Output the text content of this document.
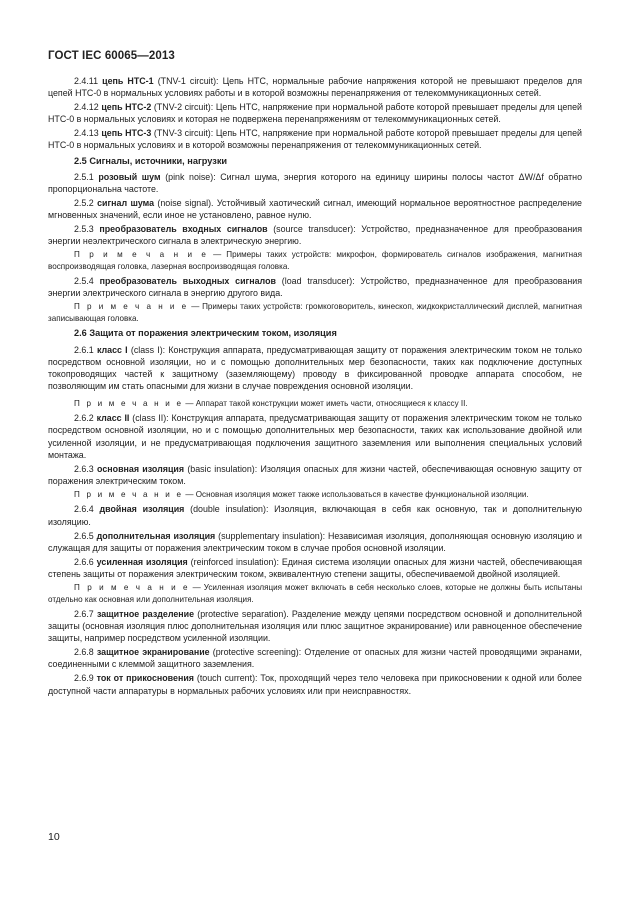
ГОСТ IEC 60065—2013
2.4.11 цепь НТС-1 (TNV-1 circuit): Цепь НТС, нормальные рабочие напряжения которой не превышают пределов для цепей НТС-0 в нормальных условиях работы и в которой возможны перенапряжения от телекоммуникационных сетей.
2.4.12 цепь НТС-2 (TNV-2 circuit): Цепь НТС, напряжение при нормальной работе которой превышает пределы для цепей НТС-0 в нормальных условиях и которая не подвержена перенапряжениям от телекоммуникационных сетей.
2.4.13 цепь НТС-3 (TNV-3 circuit): Цепь НТС, напряжение при нормальной работе которой превышает пределы для цепей НТС-0 в нормальных условиях и в которой возможны перенапряжения от телекоммуникационных сетей.
2.5 Сигналы, источники, нагрузки
2.5.1 розовый шум (pink noise): Сигнал шума, энергия которого на единицу ширины полосы частот ΔW/Δf обратно пропорциональна частоте.
2.5.2 сигнал шума (noise signal). Устойчивый хаотический сигнал, имеющий нормальное вероятностное распределение мгновенных значений, если иное не установлено, равное нулю.
2.5.3 преобразователь входных сигналов (source transducer): Устройство, предназначенное для преобразования энергии неэлектрического сигнала в электрическую энергию.
П р и м е ч а н и е — Примеры таких устройств: микрофон, формирователь сигналов изображения, магнитная воспроизводящая головка, лазерная воспроизводящая головка.
2.5.4 преобразователь выходных сигналов (load transducer): Устройство, предназначенное для преобразования энергии электрического сигнала в энергию другого вида.
П р и м е ч а н и е — Примеры таких устройств: громкоговоритель, кинескоп, жидкокристаллический дисплей, магнитная записывающая головка.
2.6 Защита от поражения электрическим током, изоляция
2.6.1 класс I (class I): Конструкция аппарата, предусматривающая защиту от поражения электрическим током не только посредством основной изоляции, но и с помощью дополнительных мер безопасности, таких как подключение доступных токопроводящих частей к защитному (заземляющему) проводу в фиксированной проводке аппарата способом, не позволяющим им стать опасными для жизни в случае повреждения основной изоляции.
П р и м е ч а н и е — Аппарат такой конструкции может иметь части, относящиеся к классу II.
2.6.2 класс II (class II): Конструкция аппарата, предусматривающая защиту от поражения электрическим током не только посредством основной изоляции, но и с помощью дополнительных мер безопасности, таких как использование двойной или усиленной изоляции, и не предусматривающая подключения защитного заземления или выполнения специальных условий монтажа.
2.6.3 основная изоляция (basic insulation): Изоляция опасных для жизни частей, обеспечивающая основную защиту от поражения электрическим током.
П р и м е ч а н и е — Основная изоляция может также использоваться в качестве функциональной изоляции.
2.6.4 двойная изоляция (double insulation): Изоляция, включающая в себя как основную, так и дополнительную изоляцию.
2.6.5 дополнительная изоляция (supplementary insulation): Независимая изоляция, дополняющая основную изоляцию и служащая для защиты от поражения электрическим током в случае пробоя основной изоляции.
2.6.6 усиленная изоляция (reinforced insulation): Единая система изоляции опасных для жизни частей, обеспечивающая степень защиты от поражения электрическим током, эквивалентную степени защиты, обеспечиваемой двойной изоляцией.
П р и м е ч а н и е — Усиленная изоляция может включать в себя несколько слоев, которые не должны быть испытаны отдельно как основная или дополнительная изоляция.
2.6.7 защитное разделение (protective separation). Разделение между цепями посредством основной и дополнительной защиты (основная изоляция плюс дополнительная изоляция или плюс защитное экранирование) или равноценное обеспечение защиты, например посредством усиленной изоляции.
2.6.8 защитное экранирование (protective screening): Отделение от опасных для жизни частей проводящими экранами, соединенными с клеммой защитного заземления.
2.6.9 ток от прикосновения (touch current): Ток, проходящий через тело человека при прикосновении к одной или более доступной части аппаратуры в нормальных рабочих условиях или при неисправностях.
10
